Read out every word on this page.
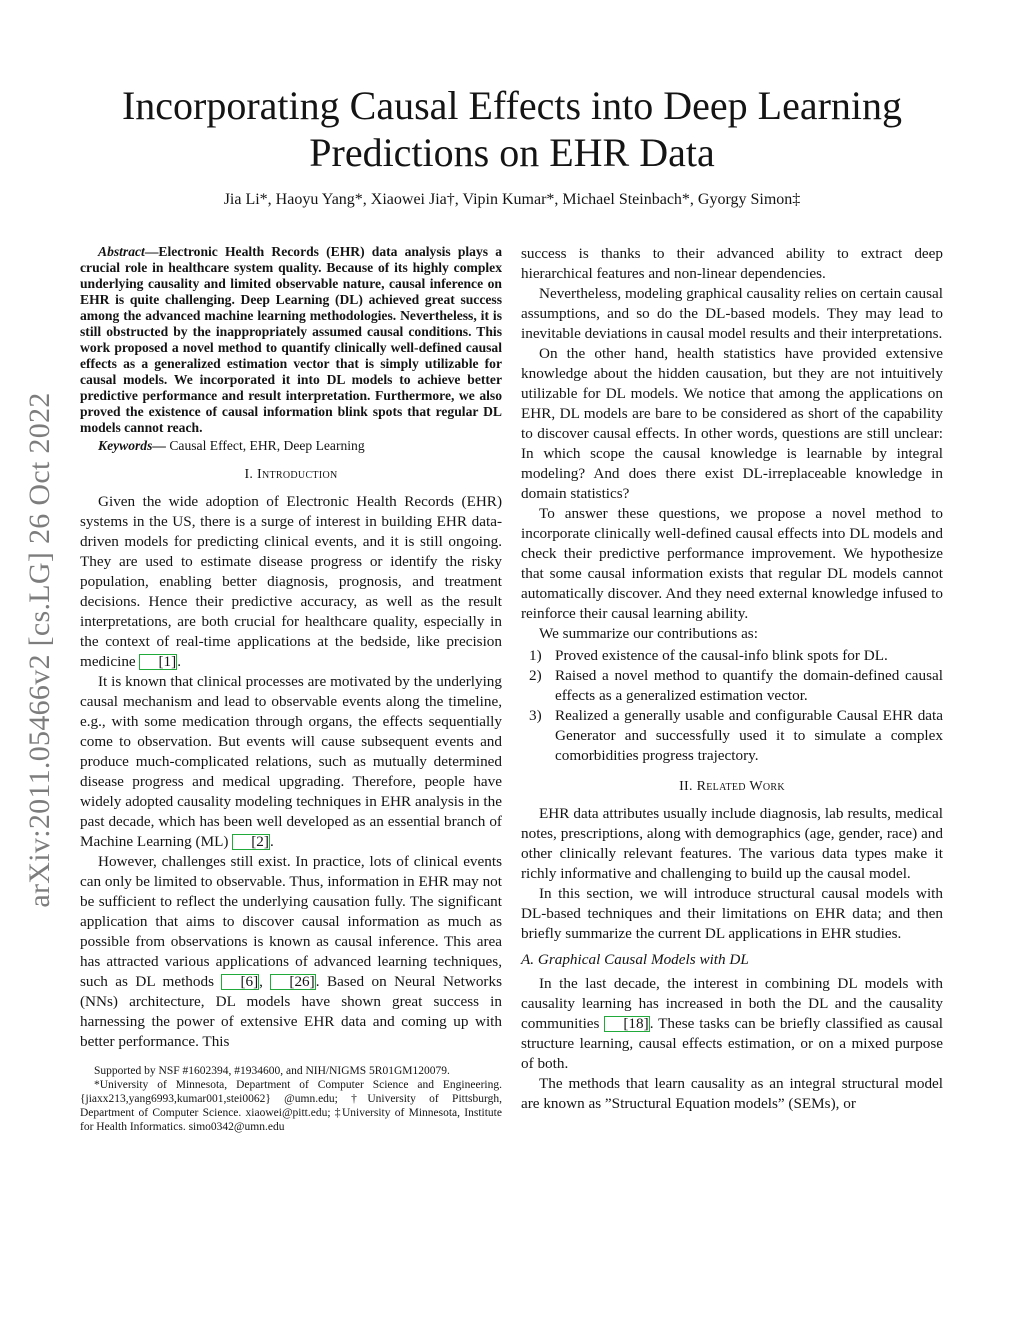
Incorporating Causal Effects into Deep Learning
Predictions on EHR Data
Jia Li*, Haoyu Yang*, Xiaowei Jia†, Vipin Kumar*, Michael Steinbach*, Gyorgy Simon‡
arXiv:2011.05466v2 [cs.LG] 26 Oct 2022

Abstract—Electronic Health Records (EHR) data analysis plays a crucial role in healthcare system quality. Because of its highly complex underlying causality and limited observable nature, causal inference on EHR is quite challenging. Deep Learning (DL) achieved great success among the advanced machine learning methodologies. Nevertheless, it is still obstructed by the inappropriately assumed causal conditions. This work proposed a novel method to quantify clinically well-defined causal effects as a generalized estimation vector that is simply utilizable for causal models. We incorporated it into DL models to achieve better predictive performance and result interpretation. Furthermore, we also proved the existence of causal information blink spots that regular DL models cannot reach.

Keywords— Causal Effect, EHR, Deep Learning

I. Introduction

Given the wide adoption of Electronic Health Records (EHR) systems in the US, there is a surge of interest in building EHR data-driven models for predicting clinical events, and it is still ongoing. They are used to estimate disease progress or identify the risky population, enabling better diagnosis, prognosis, and treatment decisions. Hence their predictive accuracy, as well as the result interpretations, are both crucial for healthcare quality, especially in the context of real-time applications at the bedside, like precision medicine [1].

It is known that clinical processes are motivated by the underlying causal mechanism and lead to observable events along the timeline, e.g., with some medication through organs, the effects sequentially come to observation. But events will cause subsequent events and produce much-complicated relations, such as mutually determined disease progress and medical upgrading. Therefore, people have widely adopted causality modeling techniques in EHR analysis in the past decade, which has been well developed as an essential branch of Machine Learning (ML) [2].

However, challenges still exist. In practice, lots of clinical events can only be limited to observable. Thus, information in EHR may not be sufficient to reflect the underlying causation fully. The significant application that aims to discover causal information as much as possible from observations is known as causal inference. This area has attracted various applications of advanced learning techniques, such as DL methods [6], [26]. Based on Neural Networks (NNs) architecture, DL models have shown great success in harnessing the power of extensive EHR data and coming up with better performance. This

Supported by NSF #1602394, #1934600, and NIH/NIGMS 5R01GM120079.

*University of Minnesota, Department of Computer Science and Engineering. {jiaxx213,yang6993,kumar001,stei0062} @umn.edu; †University of Pittsburgh, Department of Computer Science. xiaowei@pitt.edu; ‡University of Minnesota, Institute for Health Informatics. simo0342@umn.edu

success is thanks to their advanced ability to extract deep hierarchical features and non-linear dependencies.

Nevertheless, modeling graphical causality relies on certain causal assumptions, and so do the DL-based models. They may lead to inevitable deviations in causal model results and their interpretations.

On the other hand, health statistics have provided extensive knowledge about the hidden causation, but they are not intuitively utilizable for DL models. We notice that among the applications on EHR, DL models are bare to be considered as short of the capability to discover causal effects. In other words, questions are still unclear: In which scope the causal knowledge is learnable by integral modeling? And does there exist DL-irreplaceable knowledge in domain statistics?

To answer these questions, we propose a novel method to incorporate clinically well-defined causal effects into DL models and check their predictive performance improvement. We hypothesize that some causal information exists that regular DL models cannot automatically discover. And they need external knowledge infused to reinforce their causal learning ability.

We summarize our contributions as:

1) Proved existence of the causal-info blink spots for DL.
2) Raised a novel method to quantify the domain-defined causal effects as a generalized estimation vector.
3) Realized a generally usable and configurable Causal EHR data Generator and successfully used it to simulate a complex comorbidities progress trajectory.
II. Related Work

EHR data attributes usually include diagnosis, lab results, medical notes, prescriptions, along with demographics (age, gender, race) and other clinically relevant features. The various data types make it richly informative and challenging to build up the causal model.

In this section, we will introduce structural causal models with DL-based techniques and their limitations on EHR data; and then briefly summarize the current DL applications in EHR studies.

A. Graphical Causal Models with DL

In the last decade, the interest in combining DL models with causality learning has increased in both the DL and the causality communities [18]. These tasks can be briefly classified as causal structure learning, causal effects estimation, or on a mixed purpose of both.

The methods that learn causality as an integral structural model are known as ”Structural Equation models” (SEMs), or
